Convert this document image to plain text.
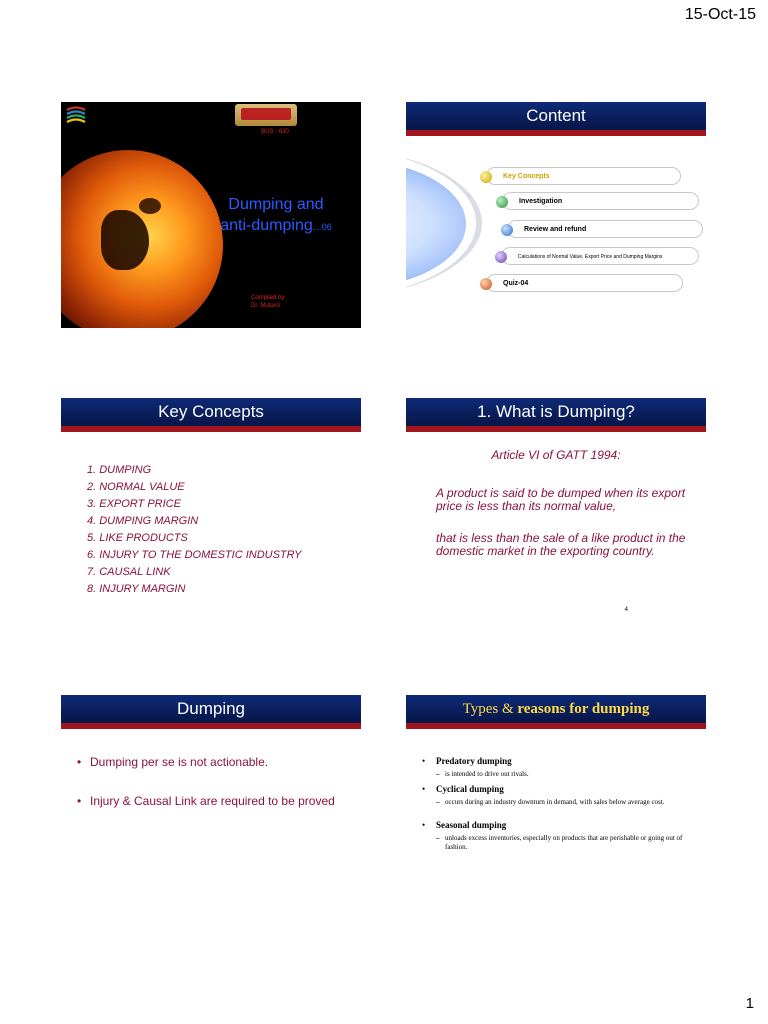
15-Oct-15
BUS - 630
Dumping and
anti-dumping…06
Compiled by
Dr. Mutarsi
Content
Key Concepts
Investigation
Review and refund
Calculations of Normal Value, Export Price and Dumping Margins
Quiz-04
Key Concepts
1. DUMPING
2. NORMAL VALUE
3. EXPORT PRICE
4. DUMPING MARGIN
5. LIKE PRODUCTS
6. INJURY TO THE DOMESTIC INDUSTRY
7. CAUSAL LINK
8. INJURY MARGIN
1. What is Dumping?
Article VI of GATT 1994:
A product is said to be dumped when its export price is less than its normal value,
that is less than the sale of a like product in the domestic market in the exporting country.
4
Dumping
• Dumping per se is not actionable.
• Injury & Causal Link are required to be proved
Types & reasons for dumping
• Predatory dumping
– is intended to drive out rivals.
• Cyclical dumping
– occurs during an industry downturn in demand, with sales below average cost.
• Seasonal dumping
– unloads excess inventories, especially on products that are perishable or going out of fashion.
1
